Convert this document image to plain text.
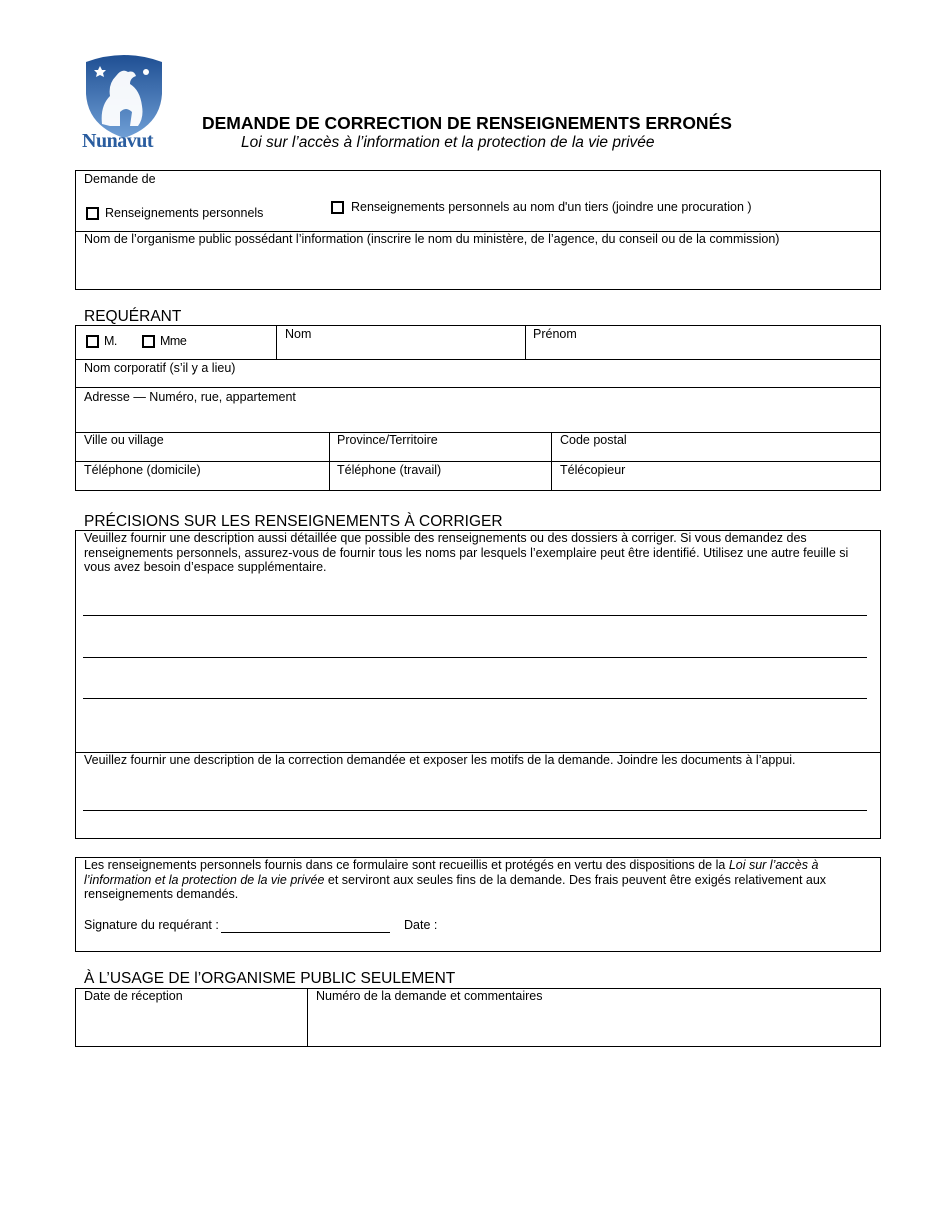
Nunavut
DEMANDE DE CORRECTION DE RENSEIGNEMENTS ERRONÉS
Loi sur l’accès à l’information et la protection de la vie privée
Demande de
Renseignements personnels	Renseignements personnels au nom d'un tiers (joindre une procuration )
Nom de l’organisme public possédant l’information (inscrire le nom du ministère, de l’agence, du conseil ou de la commission)
REQUÉRANT
M.	Mme	Nom	Prénom
Nom corporatif (s’il y a lieu)
Adresse — Numéro, rue, appartement
Ville ou village	Province/Territoire	Code postal
Téléphone (domicile)	Téléphone (travail)	Télécopieur
PRÉCISIONS SUR LES RENSEIGNEMENTS À CORRIGER
Veuillez fournir une description aussi détaillée que possible des renseignements ou des dossiers à corriger. Si vous demandez des renseignements personnels, assurez-vous de fournir tous les noms par lesquels l’exemplaire peut être identifié. Utilisez une autre feuille si vous avez besoin d’espace supplémentaire.
Veuillez fournir une description de la correction demandée et exposer les motifs de la demande. Joindre les documents à l’appui.
Les renseignements personnels fournis dans ce formulaire sont recueillis et protégés en vertu des dispositions de la Loi sur l’accès à l’information et la protection de la vie privée et serviront aux seules fins de la demande. Des frais peuvent être exigés relativement aux renseignements demandés.
Signature du requérant :	Date :
À L’USAGE DE l’ORGANISME PUBLIC SEULEMENT
Date de réception	Numéro de la demande et commentaires
